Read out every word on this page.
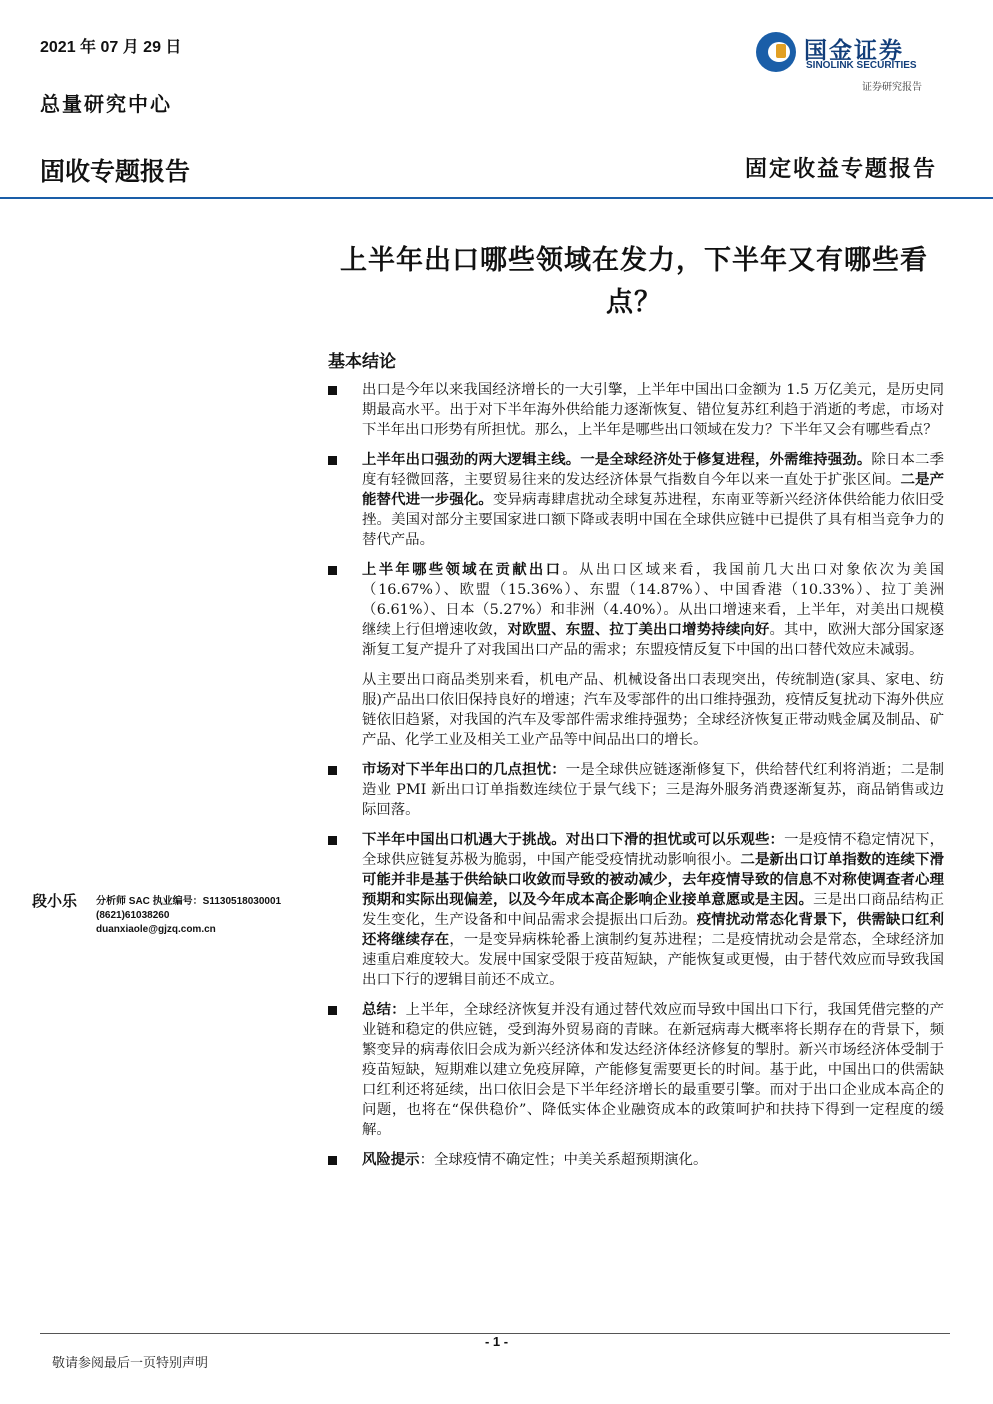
2021 年 07 月 29 日
总量研究中心
国金证券
SINOLINK SECURITIES
证券研究报告
固收专题报告	固定收益专题报告
上半年出口哪些领域在发力，下半年又有哪些看点？
基本结论

出口是今年以来我国经济增长的一大引擎，上半年中国出口金额为 1.5 万亿美元，是历史同期最高水平。出于对下半年海外供给能力逐渐恢复、错位复苏红利趋于消逝的考虑，市场对下半年出口形势有所担忧。那么，上半年是哪些出口领域在发力？下半年又会有哪些看点？

上半年出口强劲的两大逻辑主线。一是全球经济处于修复进程，外需维持强劲。除日本二季度有轻微回落，主要贸易往来的发达经济体景气指数自今年以来一直处于扩张区间。二是产能替代进一步强化。变异病毒肆虐扰动全球复苏进程，东南亚等新兴经济体供给能力依旧受挫。美国对部分主要国家进口额下降或表明中国在全球供应链中已提供了具有相当竞争力的替代产品。

上半年哪些领域在贡献出口。从出口区域来看，我国前几大出口对象依次为美国（16.67%）、欧盟（15.36%）、东盟（14.87%）、中国香港（10.33%）、拉丁美洲（6.61%）、日本（5.27%）和非洲（4.40%）。从出口增速来看，上半年，对美出口规模继续上行但增速收敛，对欧盟、东盟、拉丁美出口增势持续向好。其中，欧洲大部分国家逐渐复工复产提升了对我国出口产品的需求；东盟疫情反复下中国的出口替代效应未减弱。

从主要出口商品类别来看，机电产品、机械设备出口表现突出，传统制造(家具、家电、纺服)产品出口依旧保持良好的增速；汽车及零部件的出口维持强劲，疫情反复扰动下海外供应链依旧趋紧，对我国的汽车及零部件需求维持强势；全球经济恢复正带动贱金属及制品、矿产品、化学工业及相关工业产品等中间品出口的增长。

市场对下半年出口的几点担忧：一是全球供应链逐渐修复下，供给替代红利将消逝；二是制造业 PMI 新出口订单指数连续位于景气线下；三是海外服务消费逐渐复苏，商品销售或边际回落。

下半年中国出口机遇大于挑战。对出口下滑的担忧或可以乐观些：一是疫情不稳定情况下，全球供应链复苏极为脆弱，中国产能受疫情扰动影响很小。二是新出口订单指数的连续下滑可能并非是基于供给缺口收敛而导致的被动减少，去年疫情导致的信息不对称使调查者心理预期和实际出现偏差，以及今年成本高企影响企业接单意愿或是主因。三是出口商品结构正发生变化，生产设备和中间品需求会提振出口后劲。疫情扰动常态化背景下，供需缺口红利还将继续存在，一是变异病株轮番上演制约复苏进程；二是疫情扰动会是常态，全球经济加速重启难度较大。发展中国家受限于疫苗短缺，产能恢复或更慢，由于替代效应而导致我国出口下行的逻辑目前还不成立。

总结：上半年，全球经济恢复并没有通过替代效应而导致中国出口下行，我国凭借完整的产业链和稳定的供应链，受到海外贸易商的青睐。在新冠病毒大概率将长期存在的背景下，频繁变异的病毒依旧会成为新兴经济体和发达经济体经济修复的掣肘。新兴市场经济体受制于疫苗短缺，短期难以建立免疫屏障，产能修复需要更长的时间。基于此，中国出口的供需缺口红利还将延续，出口依旧会是下半年经济增长的最重要引擎。而对于出口企业成本高企的问题，也将在“保供稳价”、降低实体企业融资成本的政策呵护和扶持下得到一定程度的缓解。

风险提示：全球疫情不确定性；中美关系超预期演化。

段小乐 分析师 SAC 执业编号：S1130518030001
(8621)61038260
duanxiaole@gjzq.com.cn
- 1 -
敬请参阅最后一页特别声明
